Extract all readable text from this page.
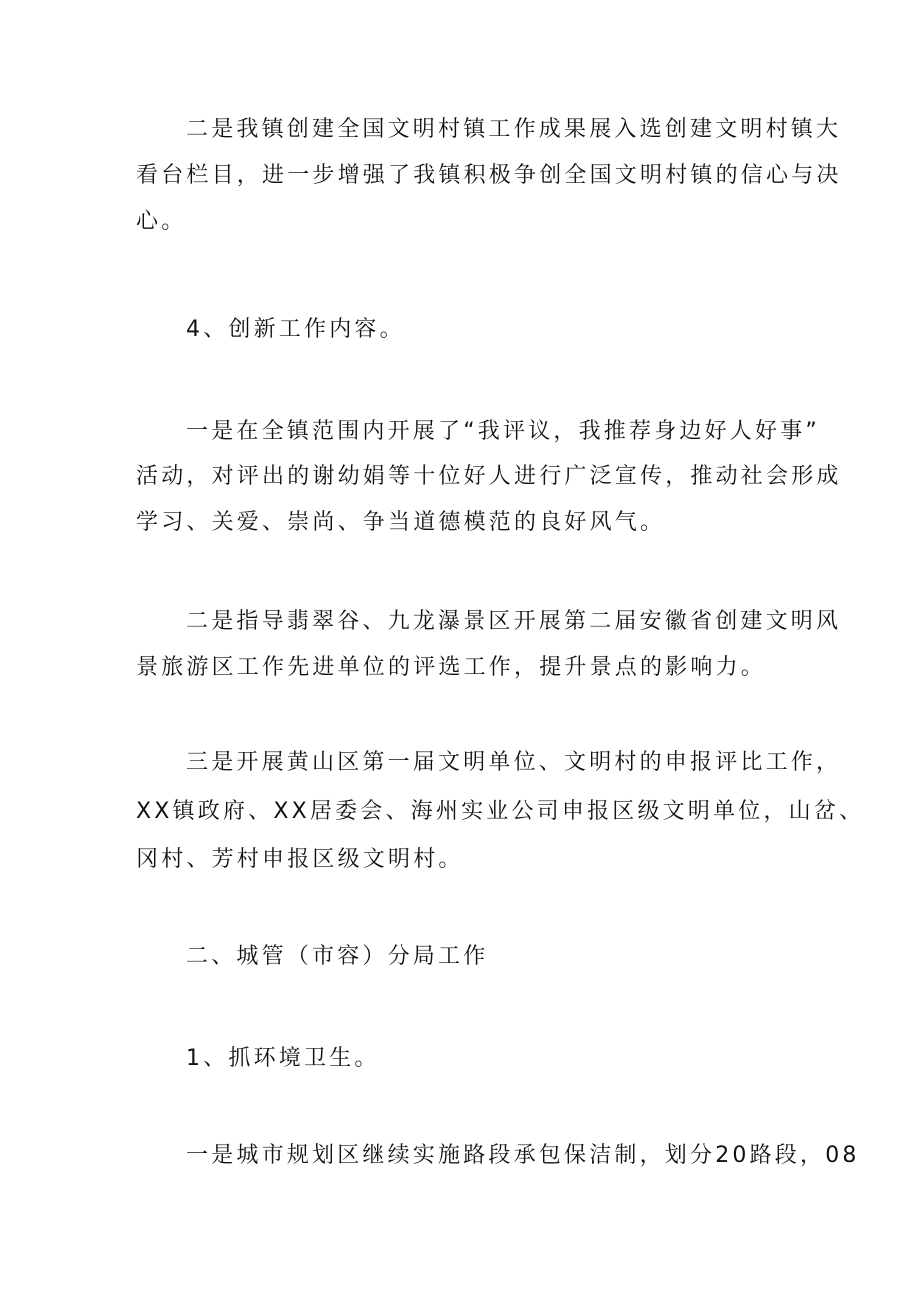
二是我镇创建全国文明村镇工作成果展入选创建文明村镇大
看台栏目，进一步增强了我镇积极争创全国文明村镇的信心与决
心。
4、创新工作内容。
一是在全镇范围内开展了“我评议，我推荐身边好人好事”
活动，对评出的谢幼娟等十位好人进行广泛宣传，推动社会形成
学习、关爱、崇尚、争当道德模范的良好风气。
二是指导翡翠谷、九龙瀑景区开展第二届安徽省创建文明风
景旅游区工作先进单位的评选工作，提升景点的影响力。
三是开展黄山区第一届文明单位、文明村的申报评比工作，
XX镇政府、XX居委会、海州实业公司申报区级文明单位，山岔、
冈村、芳村申报区级文明村。
二、城管（市容）分局工作
1、抓环境卫生。
一是城市规划区继续实施路段承包保洁制，划分20路段，08
